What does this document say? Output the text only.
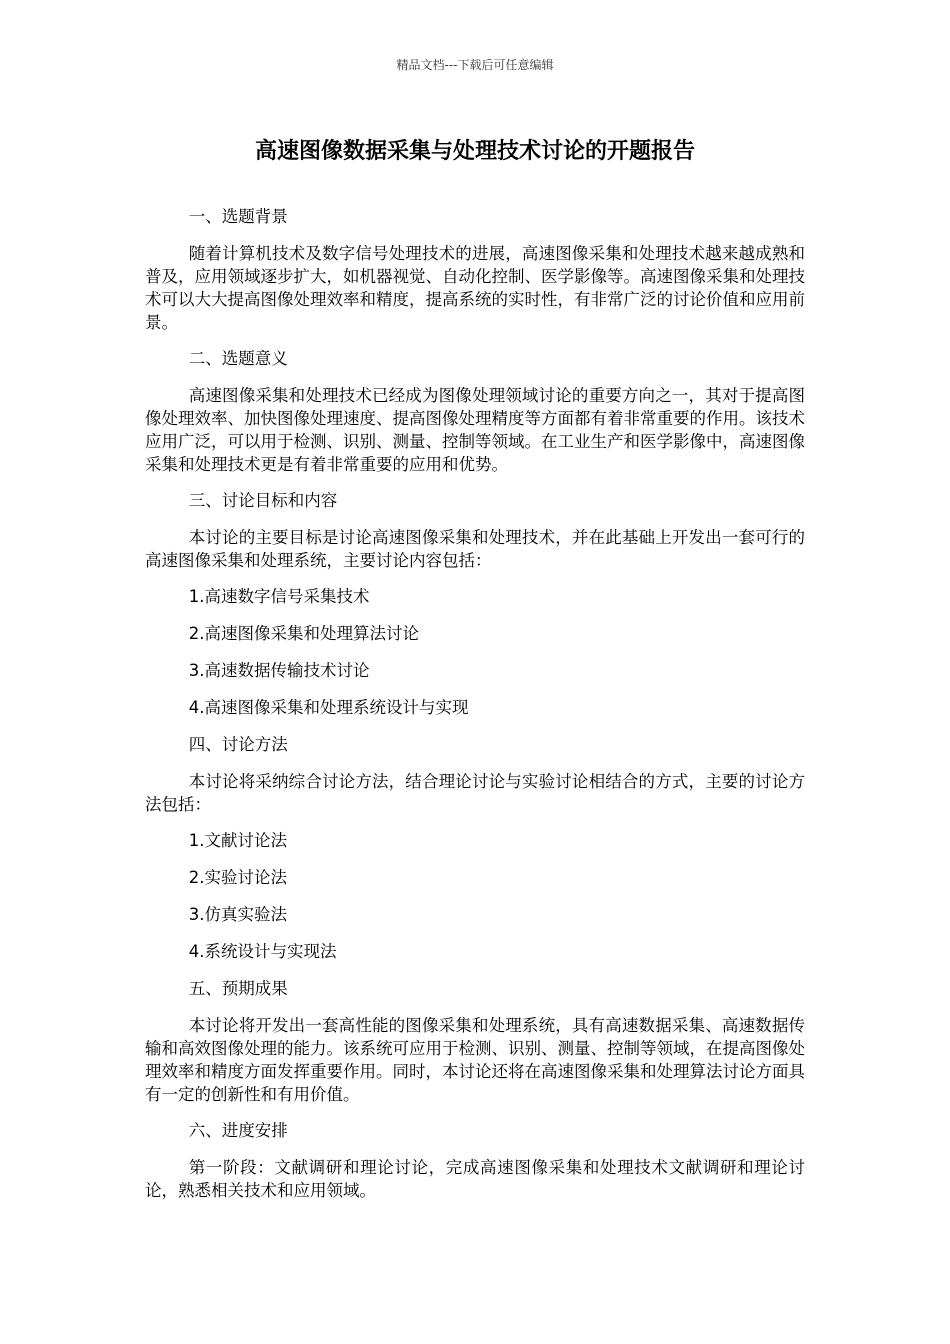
精品文档---下载后可任意编辑
高速图像数据采集与处理技术讨论的开题报告

一、选题背景

随着计算机技术及数字信号处理技术的进展，高速图像采集和处理技术越来越成熟和普及，应用领域逐步扩大，如机器视觉、自动化控制、医学影像等。高速图像采集和处理技术可以大大提高图像处理效率和精度，提高系统的实时性，有非常广泛的讨论价值和应用前景。

二、选题意义

高速图像采集和处理技术已经成为图像处理领域讨论的重要方向之一，其对于提高图像处理效率、加快图像处理速度、提高图像处理精度等方面都有着非常重要的作用。该技术应用广泛，可以用于检测、识别、测量、控制等领域。在工业生产和医学影像中，高速图像采集和处理技术更是有着非常重要的应用和优势。

三、讨论目标和内容

本讨论的主要目标是讨论高速图像采集和处理技术，并在此基础上开发出一套可行的高速图像采集和处理系统，主要讨论内容包括：

1.高速数字信号采集技术

2.高速图像采集和处理算法讨论

3.高速数据传输技术讨论

4.高速图像采集和处理系统设计与实现

四、讨论方法

本讨论将采纳综合讨论方法，结合理论讨论与实验讨论相结合的方式，主要的讨论方法包括：

1.文献讨论法

2.实验讨论法

3.仿真实验法

4.系统设计与实现法

五、预期成果

本讨论将开发出一套高性能的图像采集和处理系统，具有高速数据采集、高速数据传输和高效图像处理的能力。该系统可应用于检测、识别、测量、控制等领域，在提高图像处理效率和精度方面发挥重要作用。同时，本讨论还将在高速图像采集和处理算法讨论方面具有一定的创新性和有用价值。

六、进度安排

第一阶段：文献调研和理论讨论，完成高速图像采集和处理技术文献调研和理论讨论，熟悉相关技术和应用领域。
